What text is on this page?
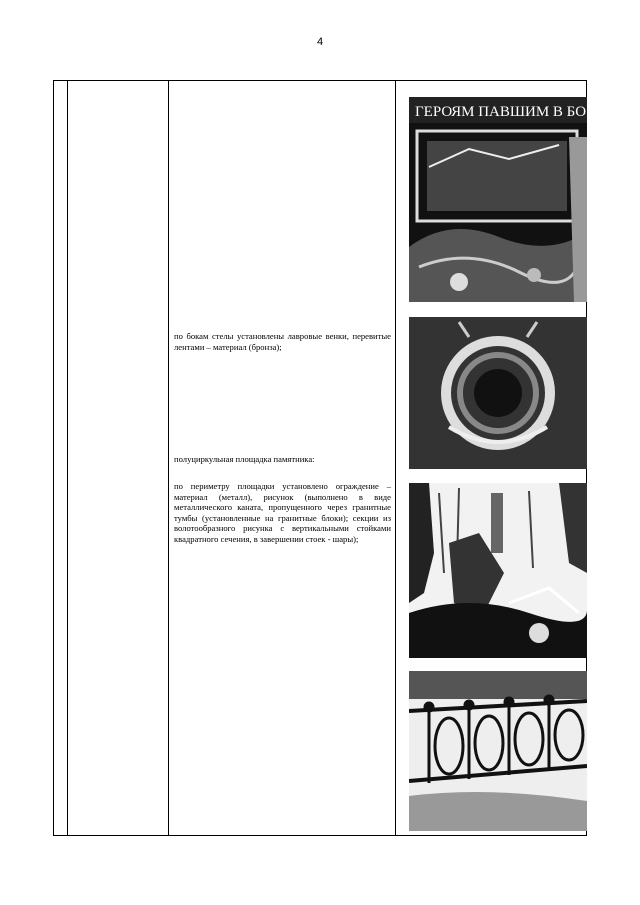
4

по бокам стелы установлены лавровые венки, перевитые лентами – материал (бронза);

полуциркульная площадка памятника:

по периметру площадки установлено ограждение – материал (металл), рисунок (выполнено в виде металлического каната, пропущенного через гранитные тумбы (установленные на гранитные блоки); секции из волотообразного рисунка с вертикальными стойками квадратного сечения, в завершении стоек - шары);

ГЕРОЯМ ПАВШИМ В БО
